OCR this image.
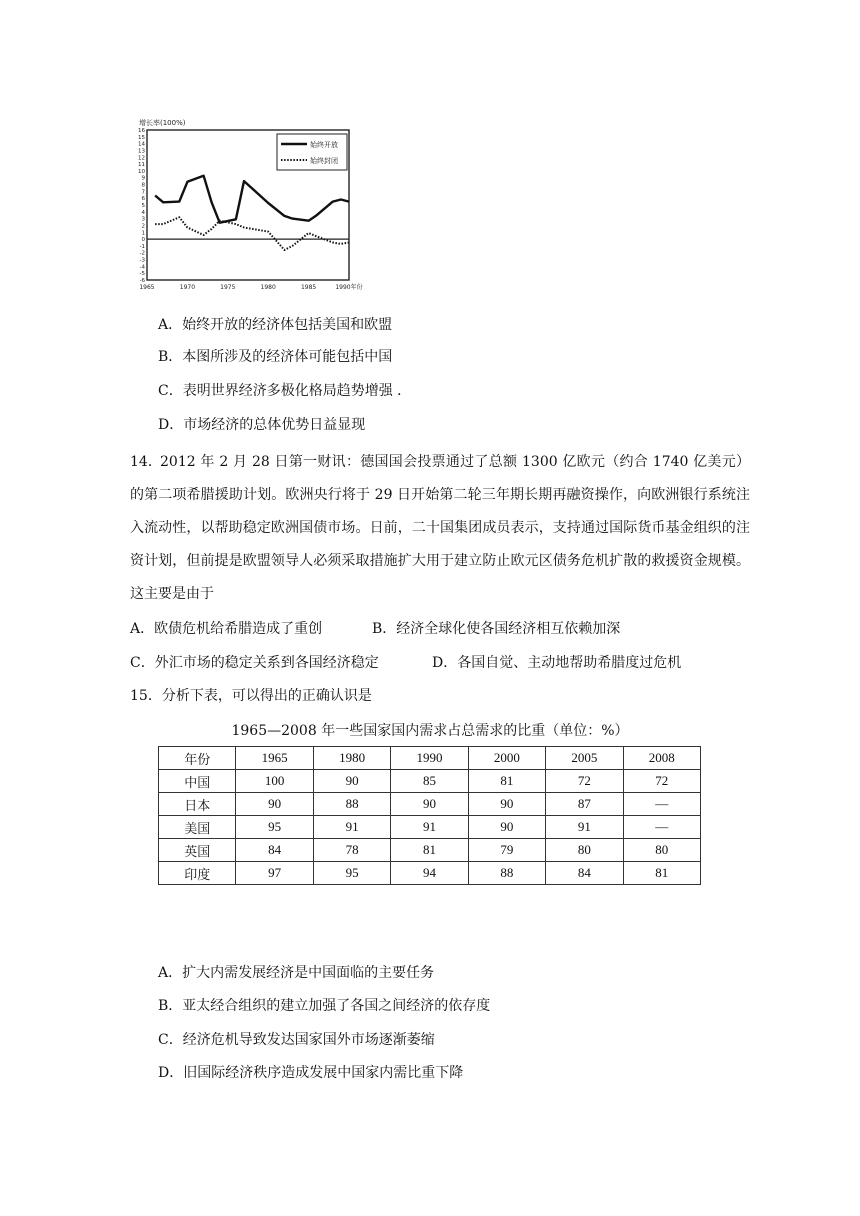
增长率(100%)
16
15
14
13
12
11
10
9
8
7
6
5
4
3
2
1
0
-1
-2
-3
-4
-5
-6
1965	1970	1975	1980	1985	1990年份
始终开放
始终封闭
A．始终开放的经济体包括美国和欧盟
B．本图所涉及的经济体可能包括中国
C．表明世界经济多极化格局趋势增强 ．
D．市场经济的总体优势日益显现
14．2012 年 2 月 28 日第一财讯：德国国会投票通过了总额 1300 亿欧元（约合 1740 亿美元）的第二项希腊援助计划。欧洲央行将于 29 日开始第二轮三年期长期再融资操作，向欧洲银行系统注入流动性，以帮助稳定欧洲国债市场。日前，二十国集团成员表示，支持通过国际货币基金组织的注资计划，但前提是欧盟领导人必须采取措施扩大用于建立防止欧元区债务危机扩散的救援资金规模。这主要是由于
A．欧债危机给希腊造成了重创	B．经济全球化使各国经济相互依赖加深
C．外汇市场的稳定关系到各国经济稳定	D．各国自觉、主动地帮助希腊度过危机
15．分析下表，可以得出的正确认识是
1965—2008 年一些国家国内需求占总需求的比重（单位：%）
年份	1965	1980	1990	2000	2005	2008
中国	100	90	85	81	72	72
日本	90	88	90	90	87	—
美国	95	91	91	90	91	—
英国	84	78	81	79	80	80
印度	97	95	94	88	84	81
A．扩大内需发展经济是中国面临的主要任务
B．亚太经合组织的建立加强了各国之间经济的依存度
C．经济危机导致发达国家国外市场逐渐萎缩
D．旧国际经济秩序造成发展中国家内需比重下降
